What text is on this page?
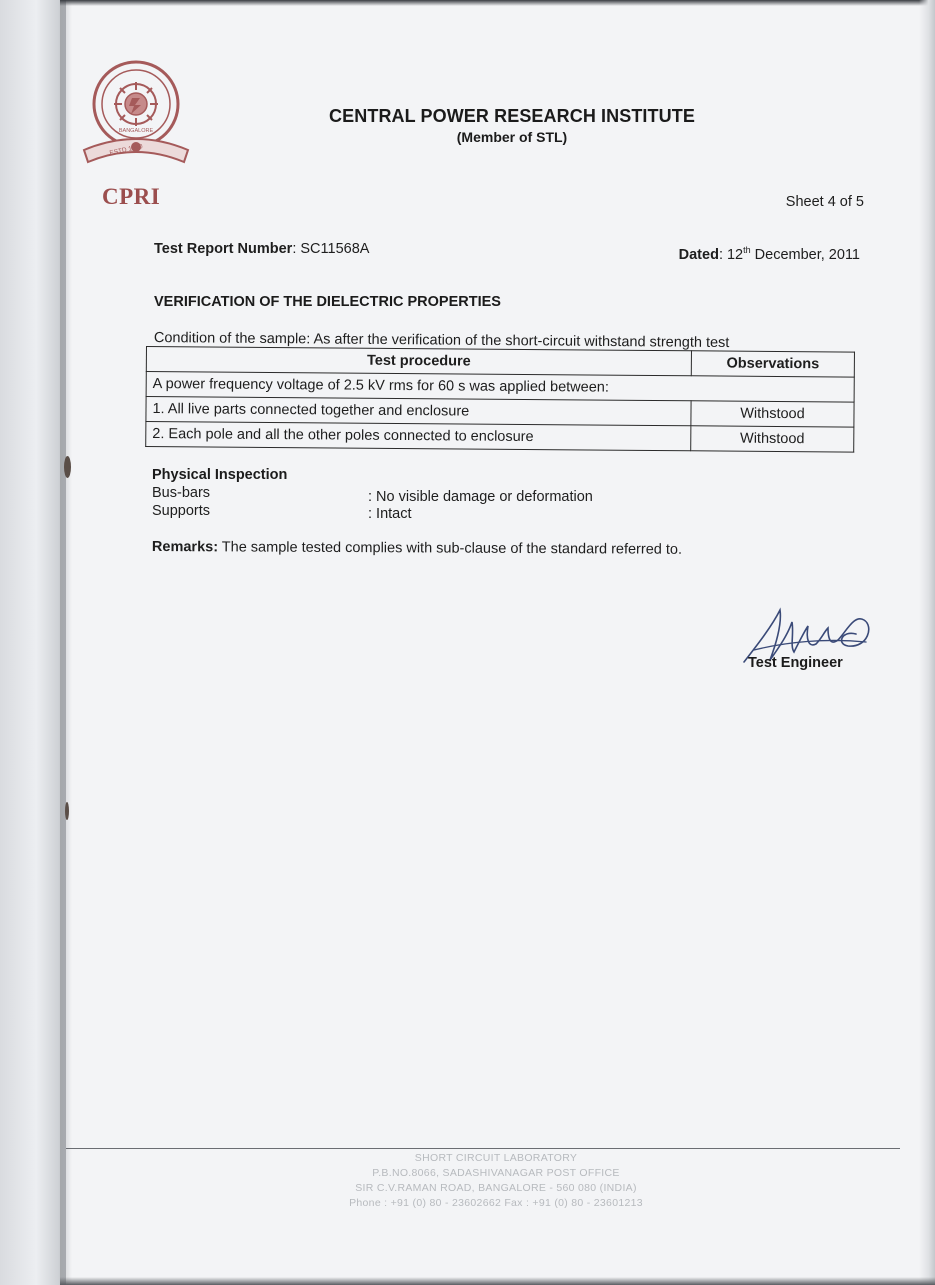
ESTD 1960
BANGALORE

CPRI

CENTRAL POWER RESEARCH INSTITUTE
(Member of STL)
Sheet 4 of 5
Test Report Number: SC11568A	Dated: 12th December, 2011
VERIFICATION OF THE DIELECTRIC PROPERTIES
Condition of the sample: As after the verification of the short-circuit withstand strength test
Test procedure	Observations
A power frequency voltage of 2.5 kV rms for 60 s was applied between:	
1. All live parts connected together and enclosure	Withstood
2. Each pole and all the other poles connected to enclosure	Withstood
Physical Inspection
Bus-bars	: No visible damage or deformation
Supports	: Intact
Remarks: The sample tested complies with sub-clause of the standard referred to.
Test Engineer
SHORT CIRCUIT LABORATORY
P.B.NO.8066, SADASHIVANAGAR POST OFFICE
SIR C.V.RAMAN ROAD, BANGALORE - 560 080 (INDIA)
Phone : +91 (0) 80 - 23602662 Fax : +91 (0) 80 - 23601213
